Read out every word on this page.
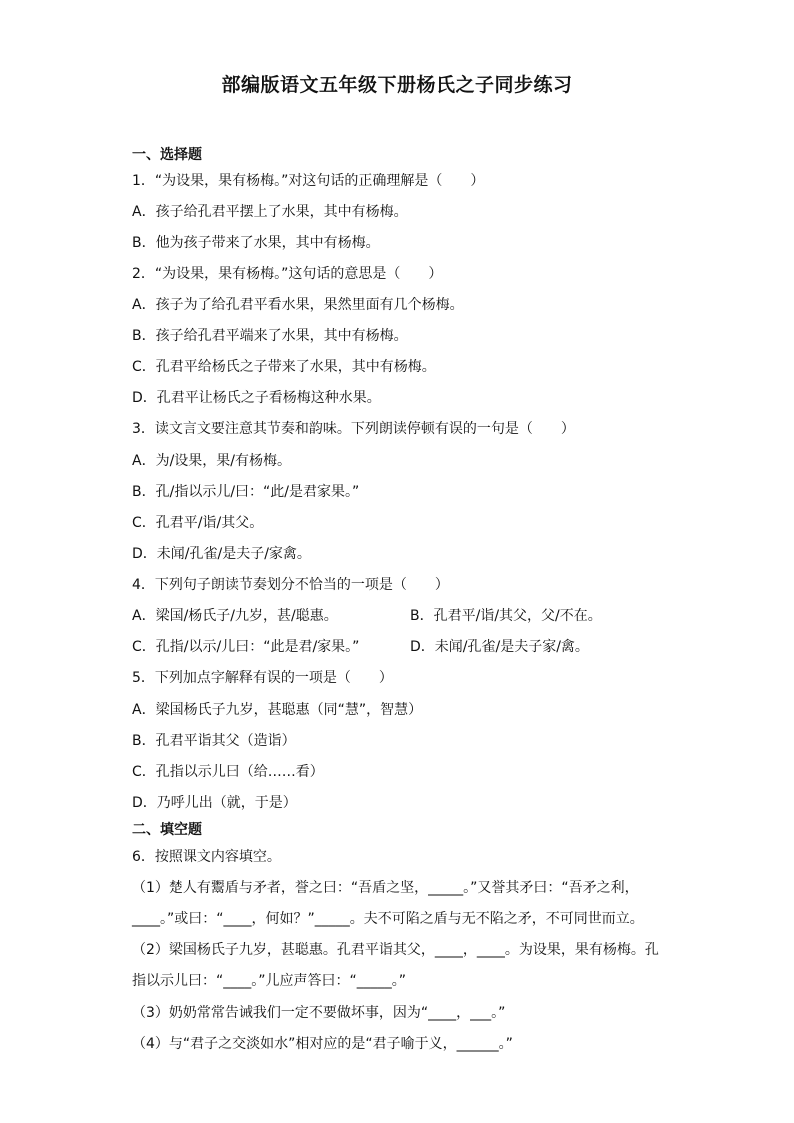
部编版语文五年级下册杨氏之子同步练习
一、选择题
1．“为设果，果有杨梅。”对这句话的正确理解是（　　）
A．孩子给孔君平摆上了水果，其中有杨梅。
B．他为孩子带来了水果，其中有杨梅。
2．“为设果，果有杨梅。”这句话的意思是（　　）
A．孩子为了给孔君平看水果，果然里面有几个杨梅。
B．孩子给孔君平端来了水果，其中有杨梅。
C．孔君平给杨氏之子带来了水果，其中有杨梅。
D．孔君平让杨氏之子看杨梅这种水果。
3．读文言文要注意其节奏和韵味。下列朗读停顿有误的一句是（　　）
A．为/设果，果/有杨梅。
B．孔/指以示儿/曰：“此/是君家果。”
C．孔君平/诣/其父。
D．未闻/孔雀/是夫子/家禽。
4．下列句子朗读节奏划分不恰当的一项是（　　）
A．梁国/杨氏子/九岁，甚/聪惠。	B．孔君平/诣/其父，父/不在。
C．孔指/以示/儿曰：“此是君/家果。”	D．未闻/孔雀/是夫子家/禽。
5．下列加点字解释有误的一项是（　　）
A．梁国杨氏子九岁，甚聪惠（同“慧”，智慧）
B．孔君平诣其父（造诣）
C．孔指以示儿曰（给……看）
D．乃呼儿出（就，于是）
二、填空题
6．按照课文内容填空。
（1）楚人有鬻盾与矛者，誉之曰：“吾盾之坚，_____。”又誉其矛曰：“吾矛之利，
____。”或曰：“____，何如？”_____。夫不可陷之盾与无不陷之矛，不可同世而立。
（2）梁国杨氏子九岁，甚聪惠。孔君平诣其父，____，____。为设果，果有杨梅。孔
指以示儿曰：“____。”儿应声答曰：“_____。”
（3）奶奶常常告诫我们一定不要做坏事，因为“____，___。”
（4）与“君子之交淡如水”相对应的是“君子喻于义，______。”
